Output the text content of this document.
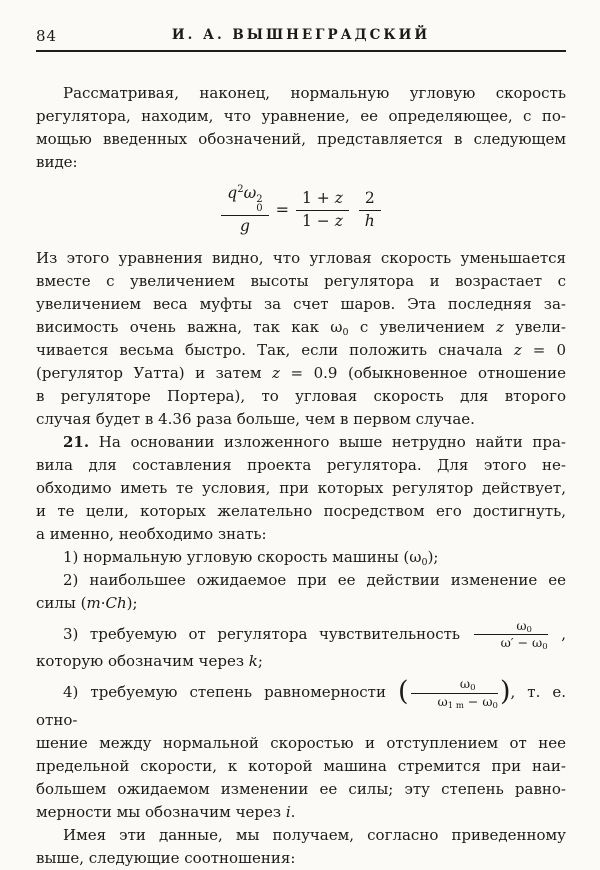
84	И. А. ВЫШНЕГРАДСКИЙ
Рассматривая, наконец, нормальную угловую скорость
регулятора, находим, что уравнение, ее определяющее, с по-
мощью введенных обозначений, представляется в следующем
виде:
$q^2\omega$ 2
0
$g = \frac{1 + z}{1 - z} \frac{2}{h}$
Из этого уравнения видно, что угловая скорость уменьшается
вместе с увеличением высоты регулятора и возрастает с
увеличением веса муфты за счет шаров. Эта последняя за-
висимость очень важна, так как $\omega_0$ с увеличением z увели-
чивается весьма быстро. Так, если положить сначала z = 0
(регулятор Уатта) и затем z = 0.9 (обыкновенное отношение
в регуляторе Портера), то угловая скорость для второго
случая будет в 4.36 раза больше, чем в первом случае.
21. На основании изложенного выше нетрудно найти пра-
вила для составления проекта регулятора. Для этого не-
обходимо иметь те условия, при которых регулятор действует,
и те цели, которых желательно посредством его достигнуть,
а именно, необходимо знать:
1) нормальную угловую скорость машины $(\omega_0)$;
2) наибольшее ожидаемое при ее действии изменение ее
силы (m·Ch);
3) требуемую от регулятора чувствительность $\frac{\omega_0}{\omega' - \omega_0}$ ,
которую обозначим через k;
4) требуемую степень равномерности ( $\frac{\omega_0}{\omega_{1 m} - \omega_0}$ ), т. е. отно-
шение между нормальной скоростью и отступлением от нее
предельной скорости, к которой машина стремится при наи-
большем ожидаемом изменении ее силы; эту степень равно-
мерности мы обозначим через i.
Имея эти данные, мы получаем, согласно приведенному
выше, следующие соотношения:
